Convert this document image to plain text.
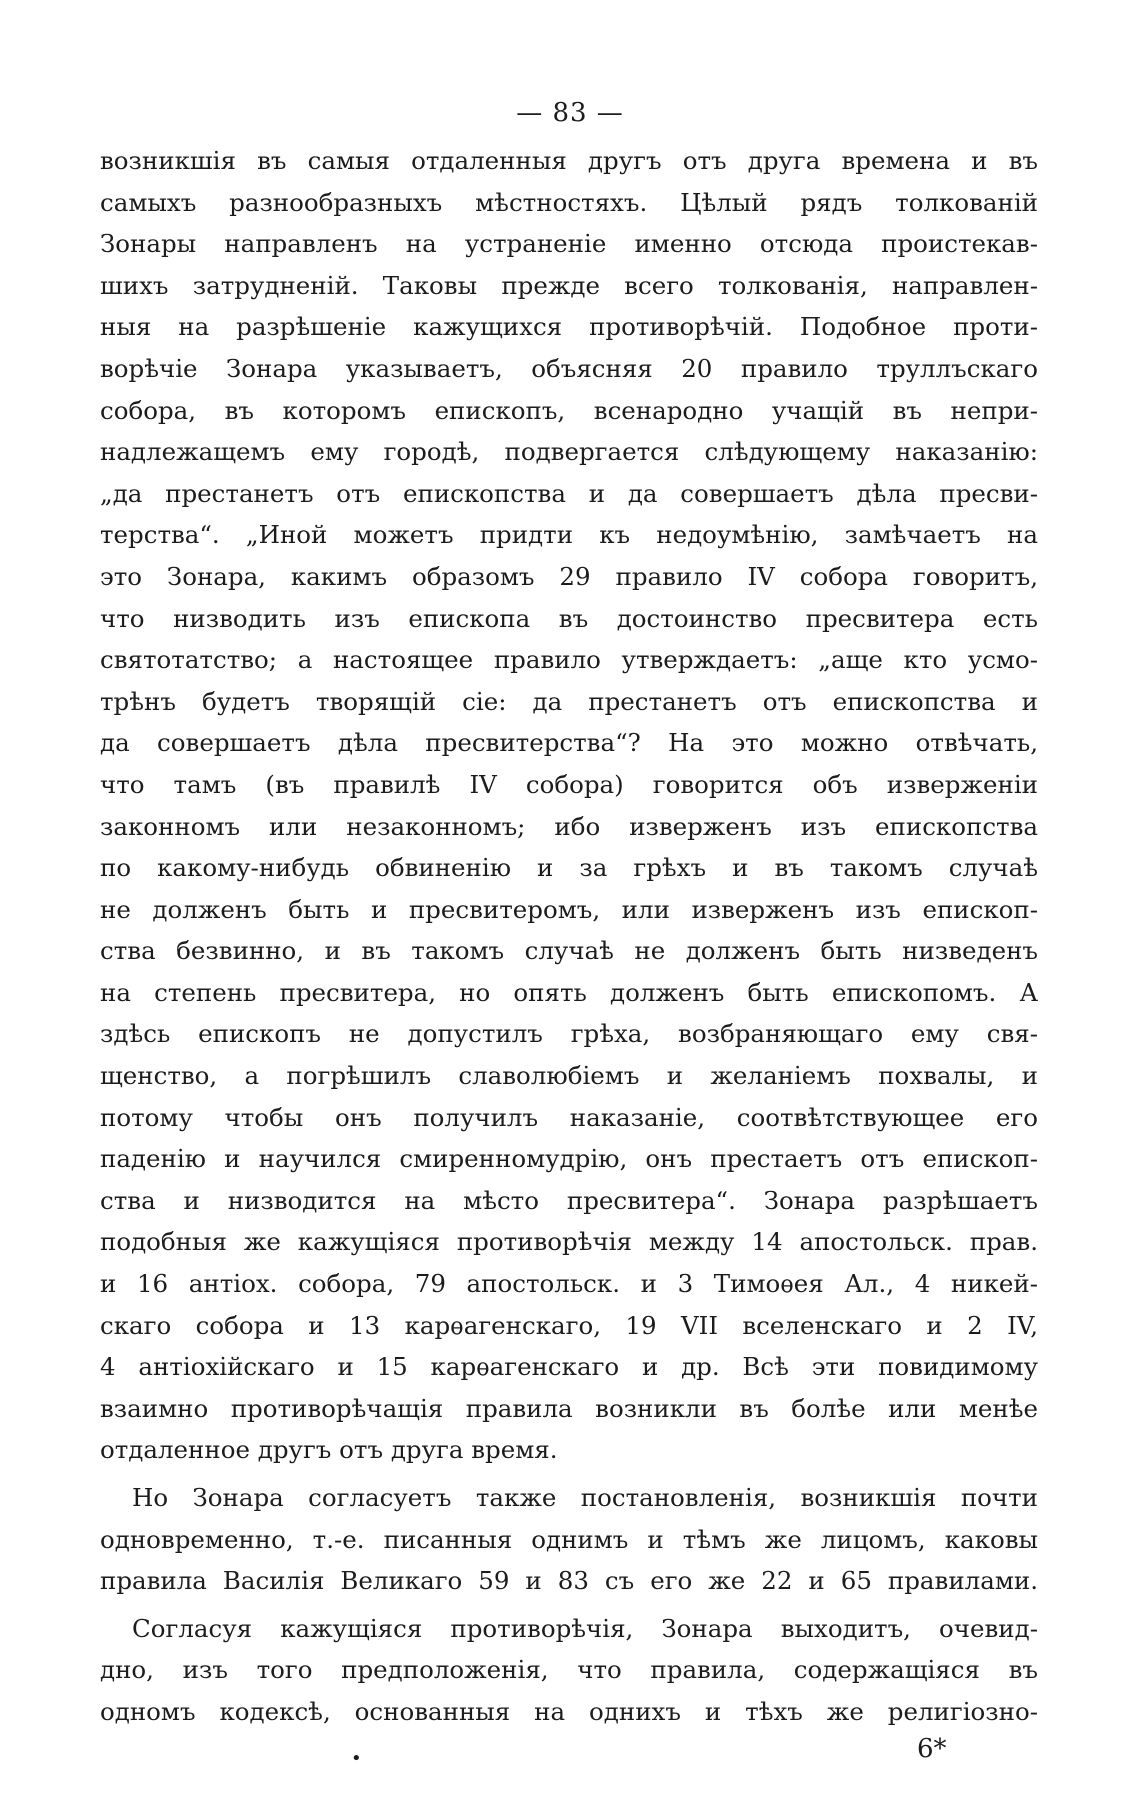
— 83 —
возникшія въ самыя отдаленныя другъ отъ друга времена и въ
самыхъ разнообразныхъ мѣстностяхъ. Цѣлый рядъ толкованій
Зонары направленъ на устраненіе именно отсюда проистекав-
шихъ затрудненій. Таковы прежде всего толкованія, направлен-
ныя на разрѣшеніе кажущихся противорѣчій. Подобное проти-
ворѣчіе Зонара указываетъ, объясняя 20 правило труллъскаго
собора, въ которомъ епископъ, всенародно учащій въ непри-
надлежащемъ ему городѣ, подвергается слѣдующему наказанію:
„да престанетъ отъ епископства и да совершаетъ дѣла пресви-
терства“. „Иной можетъ придти къ недоумѣнію, замѣчаетъ на
это Зонара, какимъ образомъ 29 правило IV собора говоритъ,
что низводить изъ епископа въ достоинство пресвитера есть
святотатство; а настоящее правило утверждаетъ: „аще кто усмо-
трѣнъ будетъ творящій сіе: да престанетъ отъ епископства и
да совершаетъ дѣла пресвитерства“? На это можно отвѣчать,
что тамъ (въ правилѣ IV собора) говорится объ изверженіи
законномъ или незаконномъ; ибо изверженъ изъ епископства
по какому-нибудь обвиненію и за грѣхъ и въ такомъ случаѣ
не долженъ быть и пресвитеромъ, или изверженъ изъ епископ-
ства безвинно, и въ такомъ случаѣ не долженъ быть низведенъ
на степень пресвитера, но опять долженъ быть епископомъ. А
здѣсь епископъ не допустилъ грѣха, возбраняющаго ему свя-
щенство, а погрѣшилъ славолюбіемъ и желаніемъ похвалы, и
потому чтобы онъ получилъ наказаніе, соотвѣтствующее его
паденію и научился смиренномудрію, онъ престаетъ отъ епископ-
ства и низводится на мѣсто пресвитера“. Зонара разрѣшаетъ
подобныя же кажущіяся противорѣчія между 14 апостольск. прав.
и 16 антіох. собора, 79 апостольск. и 3 Тимоѳея Ал., 4 никей-
скаго собора и 13 карѳагенскаго, 19 VII вселенскаго и 2 IV,
4 антіохійскаго и 15 карѳагенскаго и др. Всѣ эти повидимому
взаимно противорѣчащія правила возникли въ болѣе или менѣе
отдаленное другъ отъ друга время.
Но Зонара согласуетъ также постановленія, возникшія почти
одновременно, т.-е. писанныя однимъ и тѣмъ же лицомъ, каковы
правила Василія Великаго 59 и 83 съ его же 22 и 65 правилами.
Согласуя кажущіяся противорѣчія, Зонара выходитъ, очевид-
дно, изъ того предположенія, что правила, содержащіяся въ
одномъ кодексѣ, основанныя на однихъ и тѣхъ же религіозно-
•	6*
